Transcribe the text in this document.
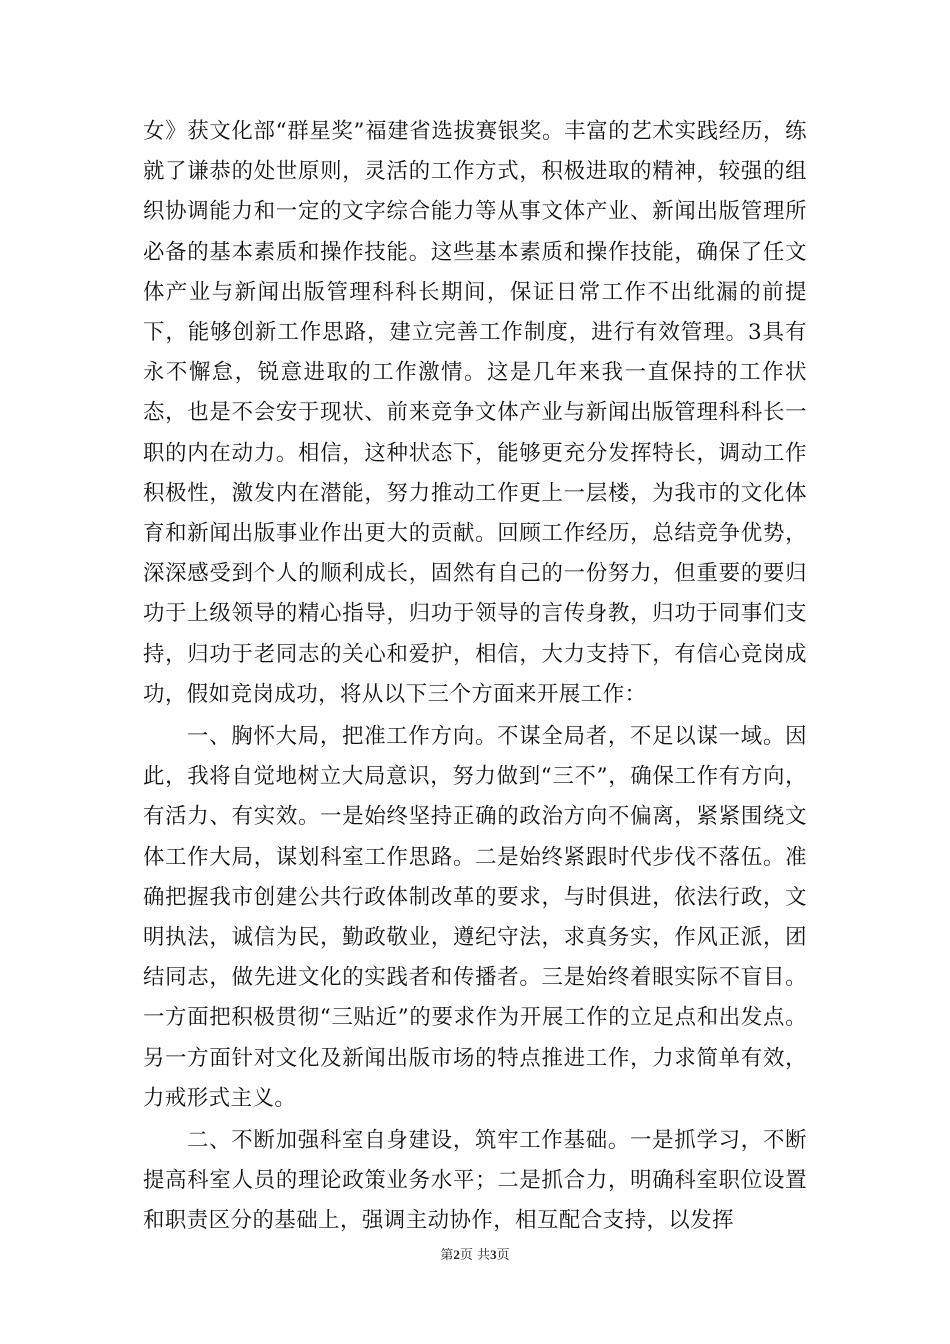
女》获文化部“群星奖”福建省选拔赛银奖。丰富的艺术实践经历，练就了谦恭的处世原则，灵活的工作方式，积极进取的精神，较强的组织协调能力和一定的文字综合能力等从事文体产业、新闻出版管理所必备的基本素质和操作技能。这些基本素质和操作技能，确保了任文体产业与新闻出版管理科科长期间，保证日常工作不出纰漏的前提下，能够创新工作思路，建立完善工作制度，进行有效管理。3具有永不懈怠，锐意进取的工作激情。这是几年来我一直保持的工作状态，也是不会安于现状、前来竞争文体产业与新闻出版管理科科长一职的内在动力。相信，这种状态下，能够更充分发挥特长，调动工作积极性，激发内在潜能，努力推动工作更上一层楼，为我市的文化体育和新闻出版事业作出更大的贡献。回顾工作经历，总结竞争优势，深深感受到个人的顺利成长，固然有自己的一份努力，但重要的要归功于上级领导的精心指导，归功于领导的言传身教，归功于同事们支持，归功于老同志的关心和爱护，相信，大力支持下，有信心竞岗成功，假如竞岗成功，将从以下三个方面来开展工作：

一、胸怀大局，把准工作方向。不谋全局者，不足以谋一域。因此，我将自觉地树立大局意识，努力做到“三不”，确保工作有方向，有活力、有实效。一是始终坚持正确的政治方向不偏离，紧紧围绕文体工作大局，谋划科室工作思路。二是始终紧跟时代步伐不落伍。准确把握我市创建公共行政体制改革的要求，与时俱进，依法行政，文明执法，诚信为民，勤政敬业，遵纪守法，求真务实，作风正派，团结同志，做先进文化的实践者和传播者。三是始终着眼实际不盲目。一方面把积极贯彻“三贴近”的要求作为开展工作的立足点和出发点。另一方面针对文化及新闻出版市场的特点推进工作，力求简单有效，力戒形式主义。

二、不断加强科室自身建设，筑牢工作基础。一是抓学习，不断提高科室人员的理论政策业务水平；二是抓合力，明确科室职位设置和职责区分的基础上，强调主动协作，相互配合支持，以发挥

第2页 共3页
